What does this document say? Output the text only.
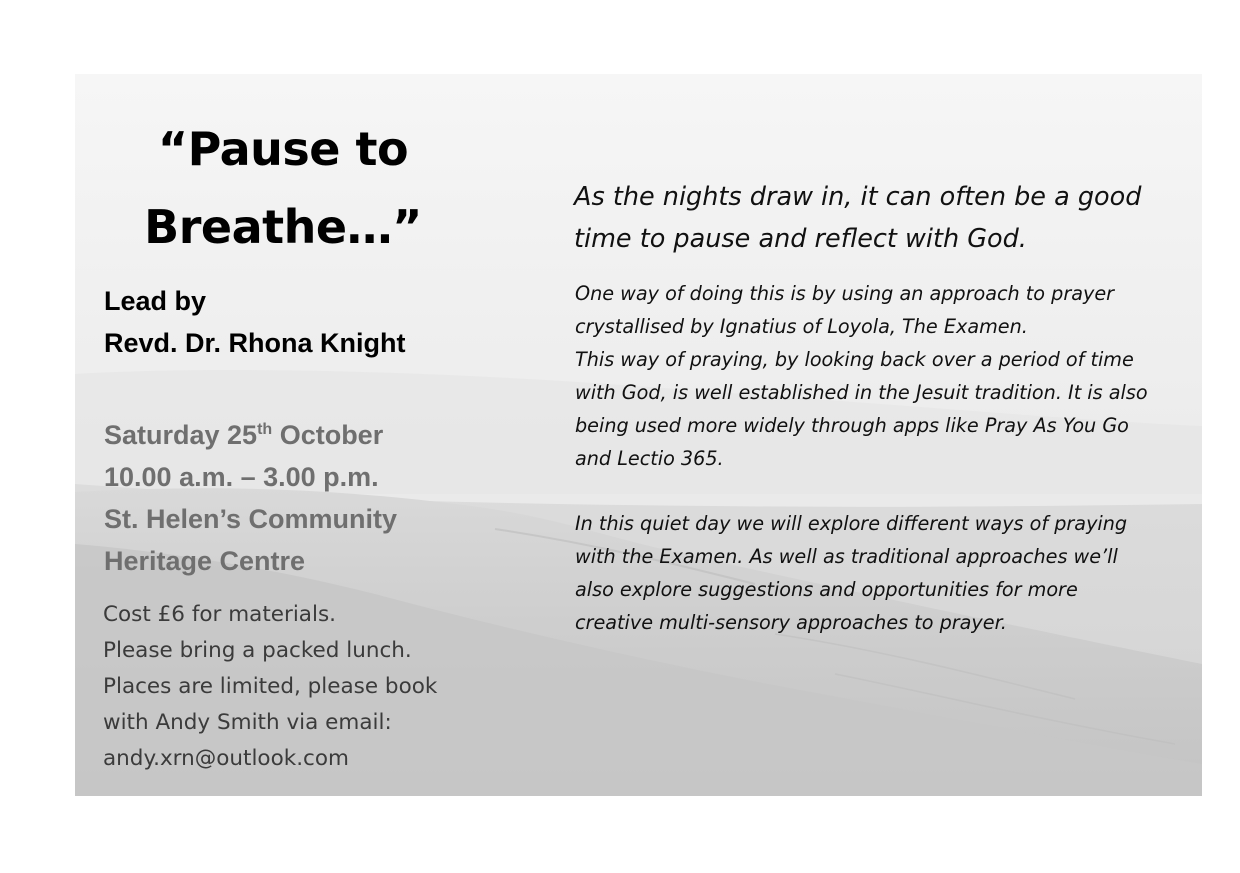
“Pause to
Breathe…”
Lead by
Revd. Dr. Rhona Knight
Saturday 25th October
10.00 a.m. – 3.00 p.m.
St. Helen’s Community
Heritage Centre
Cost £6 for materials.
Please bring a packed lunch.
Places are limited, please book
with Andy Smith via email:
andy.xrn@outlook.com
As the nights draw in, it can often be a good
time to pause and reflect with God.
One way of doing this is by using an approach to prayer
crystallised by Ignatius of Loyola, The Examen.
This way of praying, by looking back over a period of time
with God, is well established in the Jesuit tradition. It is also
being used more widely through apps like Pray As You Go
and Lectio 365.
In this quiet day we will explore different ways of praying
with the Examen. As well as traditional approaches we’ll
also explore suggestions and opportunities for more
creative multi-sensory approaches to prayer.
